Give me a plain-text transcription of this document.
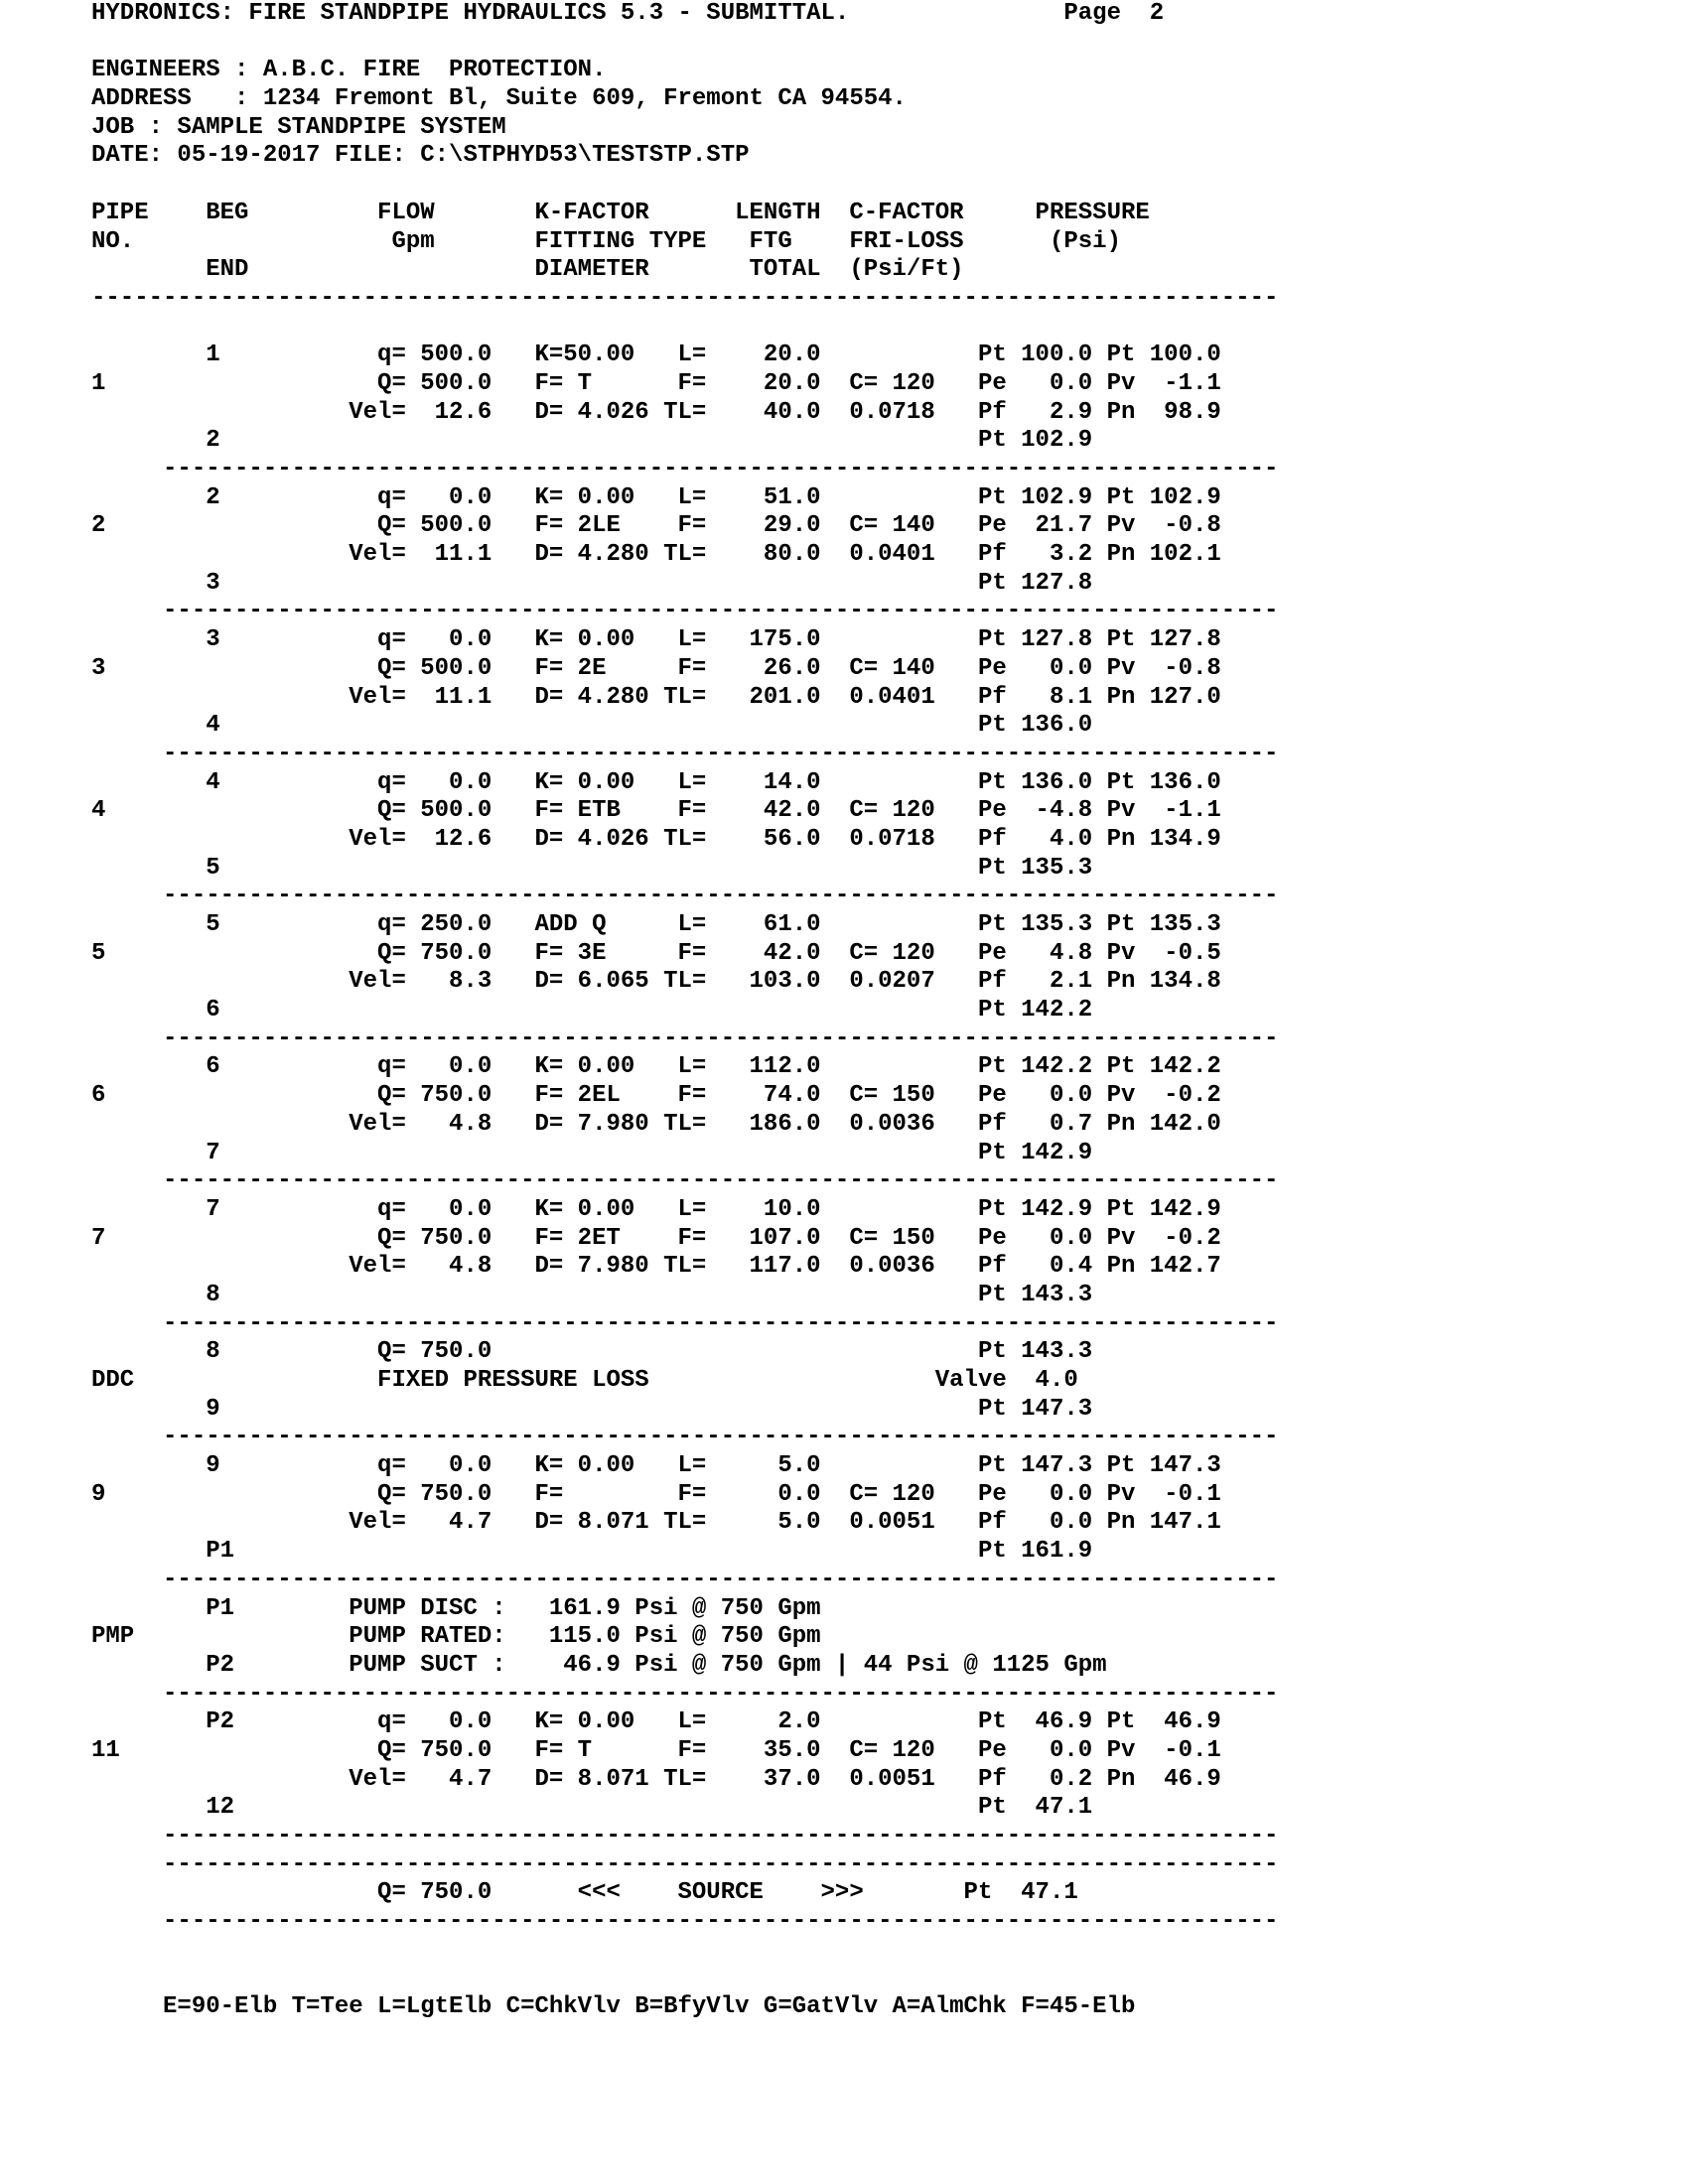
HYDRONICS: FIRE STANDPIPE HYDRAULICS 5.3 - SUBMITTAL.               Page  2
ENGINEERS : A.B.C. FIRE  PROTECTION.
ADDRESS   : 1234 Fremont Bl, Suite 609, Fremont CA 94554.
JOB : SAMPLE STANDPIPE SYSTEM
DATE: 05-19-2017 FILE: C:\STPHYD53\TESTSTP.STP
PIPE    BEG         FLOW       K-FACTOR      LENGTH  C-FACTOR     PRESSURE
NO.                  Gpm       FITTING TYPE   FTG    FRI-LOSS      (Psi)
END                    DIAMETER       TOTAL  (Psi/Ft)
-----------------------------------------------------------------------------------
1           q= 500.0   K=50.00   L=    20.0           Pt 100.0 Pt 100.0
1                   Q= 500.0   F= T      F=    20.0  C= 120   Pe   0.0 Pv  -1.1
Vel=  12.6   D= 4.026 TL=    40.0  0.0718   Pf   2.9 Pn  98.9
2                                                     Pt 102.9
------------------------------------------------------------------------------
2           q=   0.0   K= 0.00   L=    51.0           Pt 102.9 Pt 102.9
2                   Q= 500.0   F= 2LE    F=    29.0  C= 140   Pe  21.7 Pv  -0.8
Vel=  11.1   D= 4.280 TL=    80.0  0.0401   Pf   3.2 Pn 102.1
3                                                     Pt 127.8
------------------------------------------------------------------------------
3           q=   0.0   K= 0.00   L=   175.0           Pt 127.8 Pt 127.8
3                   Q= 500.0   F= 2E     F=    26.0  C= 140   Pe   0.0 Pv  -0.8
Vel=  11.1   D= 4.280 TL=   201.0  0.0401   Pf   8.1 Pn 127.0
4                                                     Pt 136.0
------------------------------------------------------------------------------
4           q=   0.0   K= 0.00   L=    14.0           Pt 136.0 Pt 136.0
4                   Q= 500.0   F= ETB    F=    42.0  C= 120   Pe  -4.8 Pv  -1.1
Vel=  12.6   D= 4.026 TL=    56.0  0.0718   Pf   4.0 Pn 134.9
5                                                     Pt 135.3
------------------------------------------------------------------------------
5           q= 250.0   ADD Q     L=    61.0           Pt 135.3 Pt 135.3
5                   Q= 750.0   F= 3E     F=    42.0  C= 120   Pe   4.8 Pv  -0.5
Vel=   8.3   D= 6.065 TL=   103.0  0.0207   Pf   2.1 Pn 134.8
6                                                     Pt 142.2
------------------------------------------------------------------------------
6           q=   0.0   K= 0.00   L=   112.0           Pt 142.2 Pt 142.2
6                   Q= 750.0   F= 2EL    F=    74.0  C= 150   Pe   0.0 Pv  -0.2
Vel=   4.8   D= 7.980 TL=   186.0  0.0036   Pf   0.7 Pn 142.0
7                                                     Pt 142.9
------------------------------------------------------------------------------
7           q=   0.0   K= 0.00   L=    10.0           Pt 142.9 Pt 142.9
7                   Q= 750.0   F= 2ET    F=   107.0  C= 150   Pe   0.0 Pv  -0.2
Vel=   4.8   D= 7.980 TL=   117.0  0.0036   Pf   0.4 Pn 142.7
8                                                     Pt 143.3
------------------------------------------------------------------------------
8           Q= 750.0                                  Pt 143.3
DDC                 FIXED PRESSURE LOSS                    Valve  4.0
9                                                     Pt 147.3
------------------------------------------------------------------------------
9           q=   0.0   K= 0.00   L=     5.0           Pt 147.3 Pt 147.3
9                   Q= 750.0   F=        F=     0.0  C= 120   Pe   0.0 Pv  -0.1
Vel=   4.7   D= 8.071 TL=     5.0  0.0051   Pf   0.0 Pn 147.1
P1                                                    Pt 161.9
------------------------------------------------------------------------------
P1        PUMP DISC :   161.9 Psi @ 750 Gpm
PMP               PUMP RATED:   115.0 Psi @ 750 Gpm
P2        PUMP SUCT :    46.9 Psi @ 750 Gpm | 44 Psi @ 1125 Gpm
------------------------------------------------------------------------------
P2          q=   0.0   K= 0.00   L=     2.0           Pt  46.9 Pt  46.9
11                  Q= 750.0   F= T      F=    35.0  C= 120   Pe   0.0 Pv  -0.1
Vel=   4.7   D= 8.071 TL=    37.0  0.0051   Pf   0.2 Pn  46.9
12                                                    Pt  47.1
------------------------------------------------------------------------------
------------------------------------------------------------------------------
Q= 750.0      <<<    SOURCE    >>>       Pt  47.1
------------------------------------------------------------------------------
E=90-Elb T=Tee L=LgtElb C=ChkVlv B=BfyVlv G=GatVlv A=AlmChk F=45-Elb
